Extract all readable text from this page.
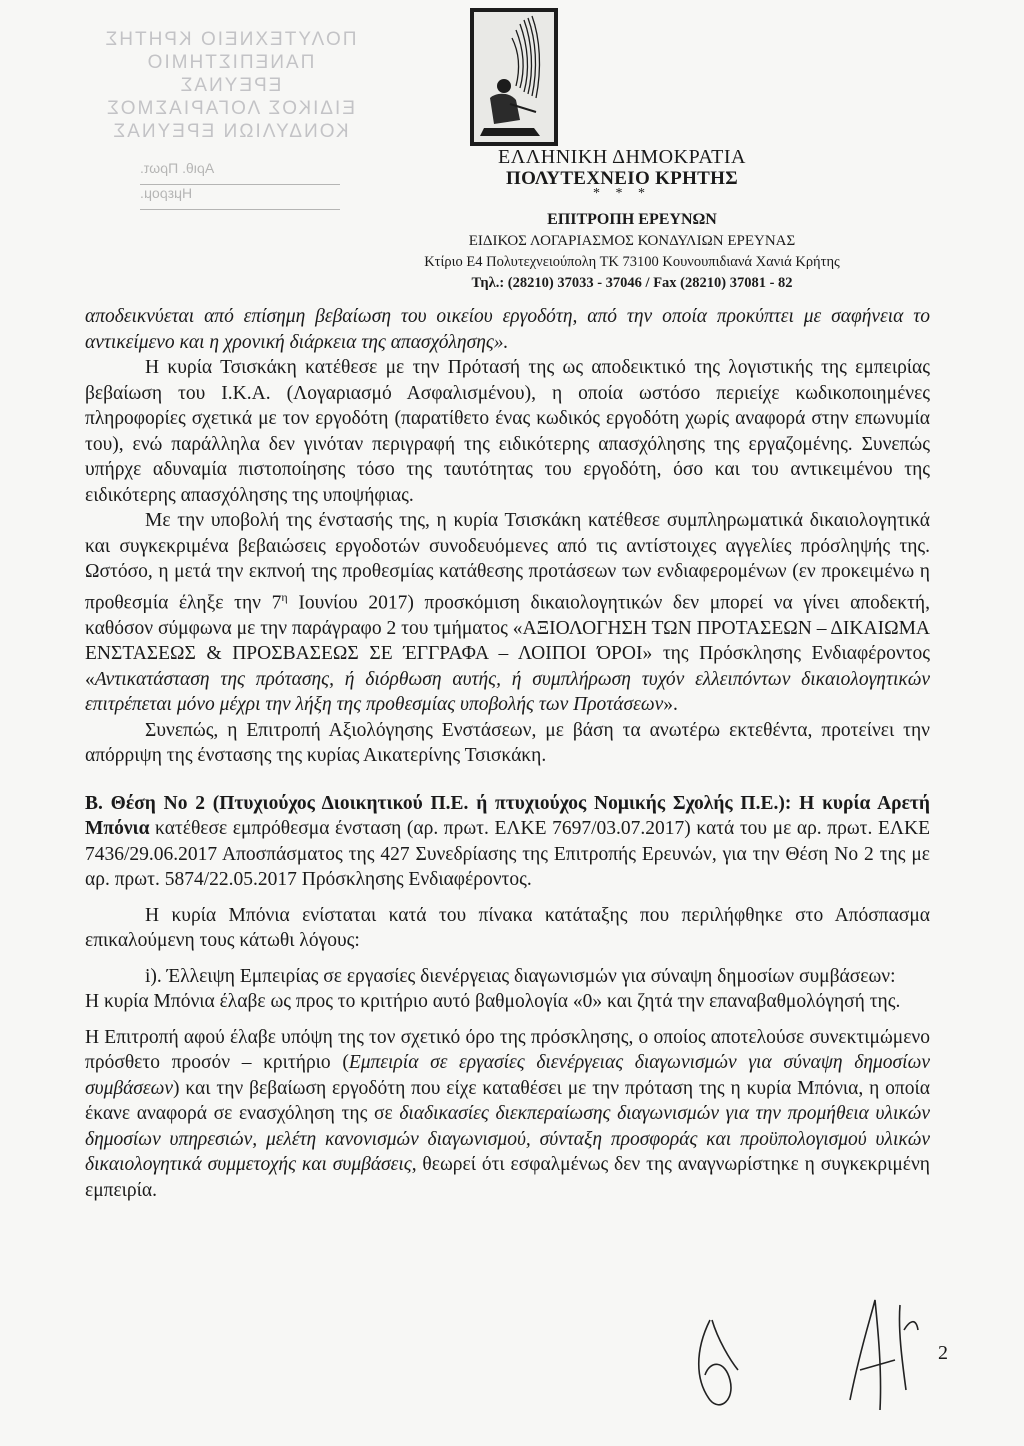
ΠΟΛΥΤΕΧΝΕΙΟ ΚΡΗΤΗΣ
ΠΑΝΕΠΙΣΤΗΜΙΟ ΕΡΕΥΝΑΣ
ΕΙΔΙΚΟΣ ΛΟΓΑΡΙΑΣΜΟΣ
ΚΟΝΔΥΛΙΩΝ ΕΡΕΥΝΑΣ
Αριθ. Πρωτ.
Ημερομ.
ΕΛΛΗΝΙΚΗ ΔΗΜΟΚΡΑΤΙΑ
ΠΟΛΥΤΕΧΝΕΙΟ ΚΡΗΤΗΣ
* * *
ΕΠΙΤΡΟΠΗ ΕΡΕΥΝΩΝ
ΕΙΔΙΚΟΣ ΛΟΓΑΡΙΑΣΜΟΣ ΚΟΝΔΥΛΙΩΝ ΕΡΕΥΝΑΣ
Κτίριο Ε4 Πολυτεχνειούπολη ΤΚ 73100 Κουνουπιδιανά Χανιά Κρήτης
Τηλ.: (28210) 37033 - 37046 / Fax (28210) 37081 - 82

αποδεικνύεται από επίσημη βεβαίωση του οικείου εργοδότη, από την οποία προκύπτει με σαφήνεια το αντικείμενο και η χρονική διάρκεια της απασχόλησης».

Η κυρία Τσισκάκη κατέθεσε με την Πρότασή της ως αποδεικτικό της λογιστικής της εμπειρίας βεβαίωση του Ι.Κ.Α. (Λογαριασμό Ασφαλισμένου), η οποία ωστόσο περιείχε κωδικοποιημένες πληροφορίες σχετικά με τον εργοδότη (παρατίθετο ένας κωδικός εργοδότη χωρίς αναφορά στην επωνυμία του), ενώ παράλληλα δεν γινόταν περιγραφή της ειδικότερης απασχόλησης της εργαζομένης. Συνεπώς υπήρχε αδυναμία πιστοποίησης τόσο της ταυτότητας του εργοδότη, όσο και του αντικειμένου της ειδικότερης απασχόλησης της υποψήφιας.

Με την υποβολή της ένστασής της, η κυρία Τσισκάκη κατέθεσε συμπληρωματικά δικαιολογητικά και συγκεκριμένα βεβαιώσεις εργοδοτών συνοδευόμενες από τις αντίστοιχες αγγελίες πρόσληψής της. Ωστόσο, η μετά την εκπνοή της προθεσμίας κατάθεσης προτάσεων των ενδιαφερομένων (εν προκειμένω η προθεσμία έληξε την $7^\eta$ Ιουνίου 2017) προσκόμιση δικαιολογητικών δεν μπορεί να γίνει αποδεκτή, καθόσον σύμφωνα με την παράγραφο 2 του τμήματος «ΑΞΙΟΛΟΓΗΣΗ ΤΩΝ ΠΡΟΤΑΣΕΩΝ – ΔΙΚΑΙΩΜΑ ΕΝΣΤΑΣΕΩΣ & ΠΡΟΣΒΑΣΕΩΣ ΣΕ ΈΓΓΡΑΦΑ – ΛΟΙΠΟΙ ΌΡΟΙ» της Πρόσκλησης Ενδιαφέροντος «Αντικατάσταση της πρότασης, ή διόρθωση αυτής, ή συμπλήρωση τυχόν ελλειπόντων δικαιολογητικών επιτρέπεται μόνο μέχρι την λήξη της προθεσμίας υποβολής των Προτάσεων».

Συνεπώς, η Επιτροπή Αξιολόγησης Ενστάσεων, με βάση τα ανωτέρω εκτεθέντα, προτείνει την απόρριψη της ένστασης της κυρίας Αικατερίνης Τσισκάκη.

Β. Θέση Νο 2 (Πτυχιούχος Διοικητικού Π.Ε. ή πτυχιούχος Νομικής Σχολής Π.Ε.): Η κυρία Αρετή Μπόνια κατέθεσε εμπρόθεσμα ένσταση (αρ. πρωτ. ΕΛΚΕ 7697/03.07.2017) κατά του με αρ. πρωτ. ΕΛΚΕ 7436/29.06.2017 Αποσπάσματος της 427 Συνεδρίασης της Επιτροπής Ερευνών, για την Θέση Νο 2 της με αρ. πρωτ. 5874/22.05.2017 Πρόσκλησης Ενδιαφέροντος.

Η κυρία Μπόνια ενίσταται κατά του πίνακα κατάταξης που περιλήφθηκε στο Απόσπασμα επικαλούμενη τους κάτωθι λόγους:

i). Έλλειψη Εμπειρίας σε εργασίες διενέργειας διαγωνισμών για σύναψη δημοσίων συμβάσεων:

Η κυρία Μπόνια έλαβε ως προς το κριτήριο αυτό βαθμολογία «0» και ζητά την επαναβαθμολόγησή της.

Η Επιτροπή αφού έλαβε υπόψη της τον σχετικό όρο της πρόσκλησης, ο οποίος αποτελούσε συνεκτιμώμενο πρόσθετο προσόν – κριτήριο (Εμπειρία σε εργασίες διενέργειας διαγωνισμών για σύναψη δημοσίων συμβάσεων) και την βεβαίωση εργοδότη που είχε καταθέσει με την πρόταση της η κυρία Μπόνια, η οποία έκανε αναφορά σε ενασχόληση της σε διαδικασίες διεκπεραίωσης διαγωνισμών για την προμήθεια υλικών δημοσίων υπηρεσιών, μελέτη κανονισμών διαγωνισμού, σύνταξη προσφοράς και προϋπολογισμού υλικών δικαιολογητικά συμμετοχής και συμβάσεις, θεωρεί ότι εσφαλμένως δεν της αναγνωρίστηκε η συγκεκριμένη εμπειρία.

2
